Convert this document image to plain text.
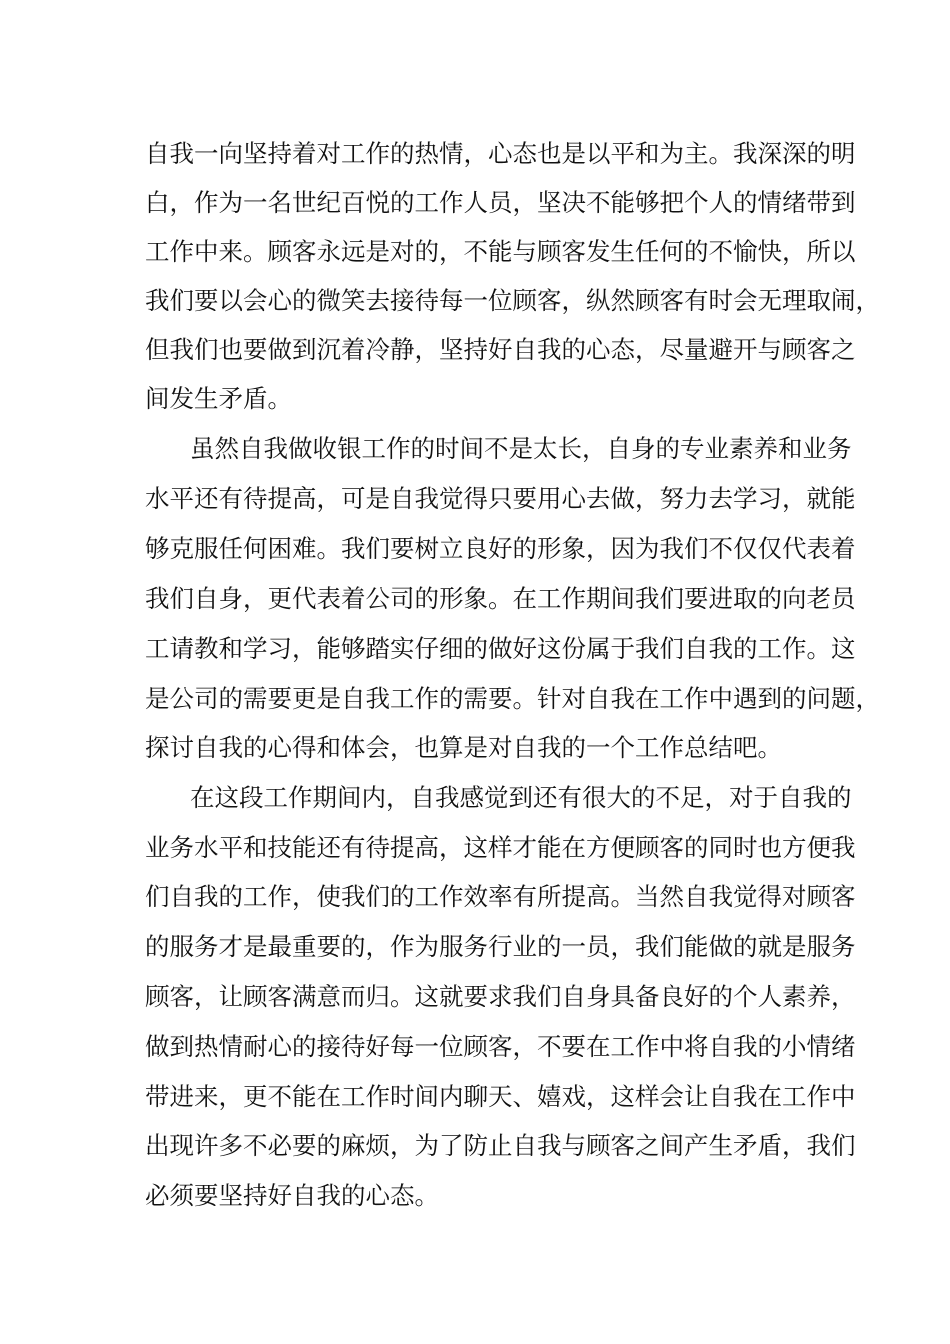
自我一向坚持着对工作的热情，心态也是以平和为主。我深深的明
白，作为一名世纪百悦的工作人员，坚决不能够把个人的情绪带到
工作中来。顾客永远是对的，不能与顾客发生任何的不愉快，所以
我们要以会心的微笑去接待每一位顾客，纵然顾客有时会无理取闹，
但我们也要做到沉着冷静，坚持好自我的心态，尽量避开与顾客之
间发生矛盾。
虽然自我做收银工作的时间不是太长，自身的专业素养和业务
水平还有待提高，可是自我觉得只要用心去做，努力去学习，就能
够克服任何困难。我们要树立良好的形象，因为我们不仅仅代表着
我们自身，更代表着公司的形象。在工作期间我们要进取的向老员
工请教和学习，能够踏实仔细的做好这份属于我们自我的工作。这
是公司的需要更是自我工作的需要。针对自我在工作中遇到的问题，
探讨自我的心得和体会，也算是对自我的一个工作总结吧。
在这段工作期间内，自我感觉到还有很大的不足，对于自我的
业务水平和技能还有待提高，这样才能在方便顾客的同时也方便我
们自我的工作，使我们的工作效率有所提高。当然自我觉得对顾客
的服务才是最重要的，作为服务行业的一员，我们能做的就是服务
顾客，让顾客满意而归。这就要求我们自身具备良好的个人素养，
做到热情耐心的接待好每一位顾客，不要在工作中将自我的小情绪
带进来，更不能在工作时间内聊天、嬉戏，这样会让自我在工作中
出现许多不必要的麻烦，为了防止自我与顾客之间产生矛盾，我们
必须要坚持好自我的心态。
